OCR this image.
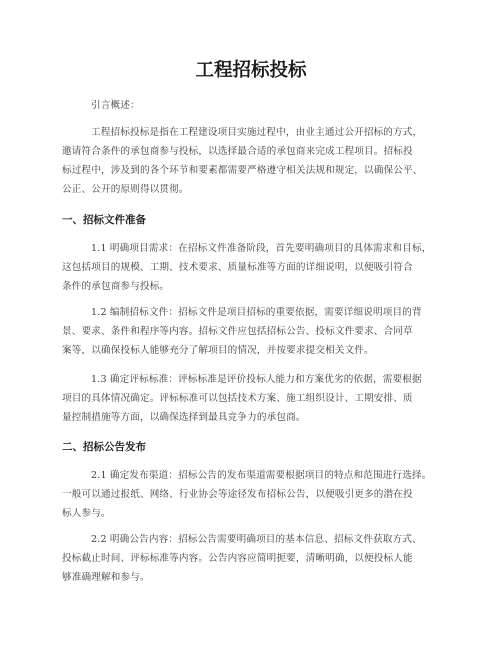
工程招标投标
引言概述：
工程招标投标是指在工程建设项目实施过程中，由业主通过公开招标的方式，
邀请符合条件的承包商参与投标，以选择最合适的承包商来完成工程项目。招标投
标过程中，涉及到的各个环节和要素都需要严格遵守相关法规和规定，以确保公平、
公正、公开的原则得以贯彻。
一、招标文件准备
1.1 明确项目需求：在招标文件准备阶段，首先要明确项目的具体需求和目标，
这包括项目的规模、工期、技术要求、质量标准等方面的详细说明，以便吸引符合
条件的承包商参与投标。
1.2 编制招标文件：招标文件是项目招标的重要依据，需要详细说明项目的背
景、要求、条件和程序等内容。招标文件应包括招标公告、投标文件要求、合同草
案等，以确保投标人能够充分了解项目的情况，并按要求提交相关文件。
1.3 确定评标标准：评标标准是评价投标人能力和方案优劣的依据，需要根据
项目的具体情况确定。评标标准可以包括技术方案、施工组织设计、工期安排、质
量控制措施等方面，以确保选择到最具竞争力的承包商。
二、招标公告发布
2.1 确定发布渠道：招标公告的发布渠道需要根据项目的特点和范围进行选择。
一般可以通过报纸、网络、行业协会等途径发布招标公告，以便吸引更多的潜在投
标人参与。
2.2 明确公告内容：招标公告需要明确项目的基本信息、招标文件获取方式、
投标截止时间、评标标准等内容。公告内容应简明扼要，清晰明确，以便投标人能
够准确理解和参与。
